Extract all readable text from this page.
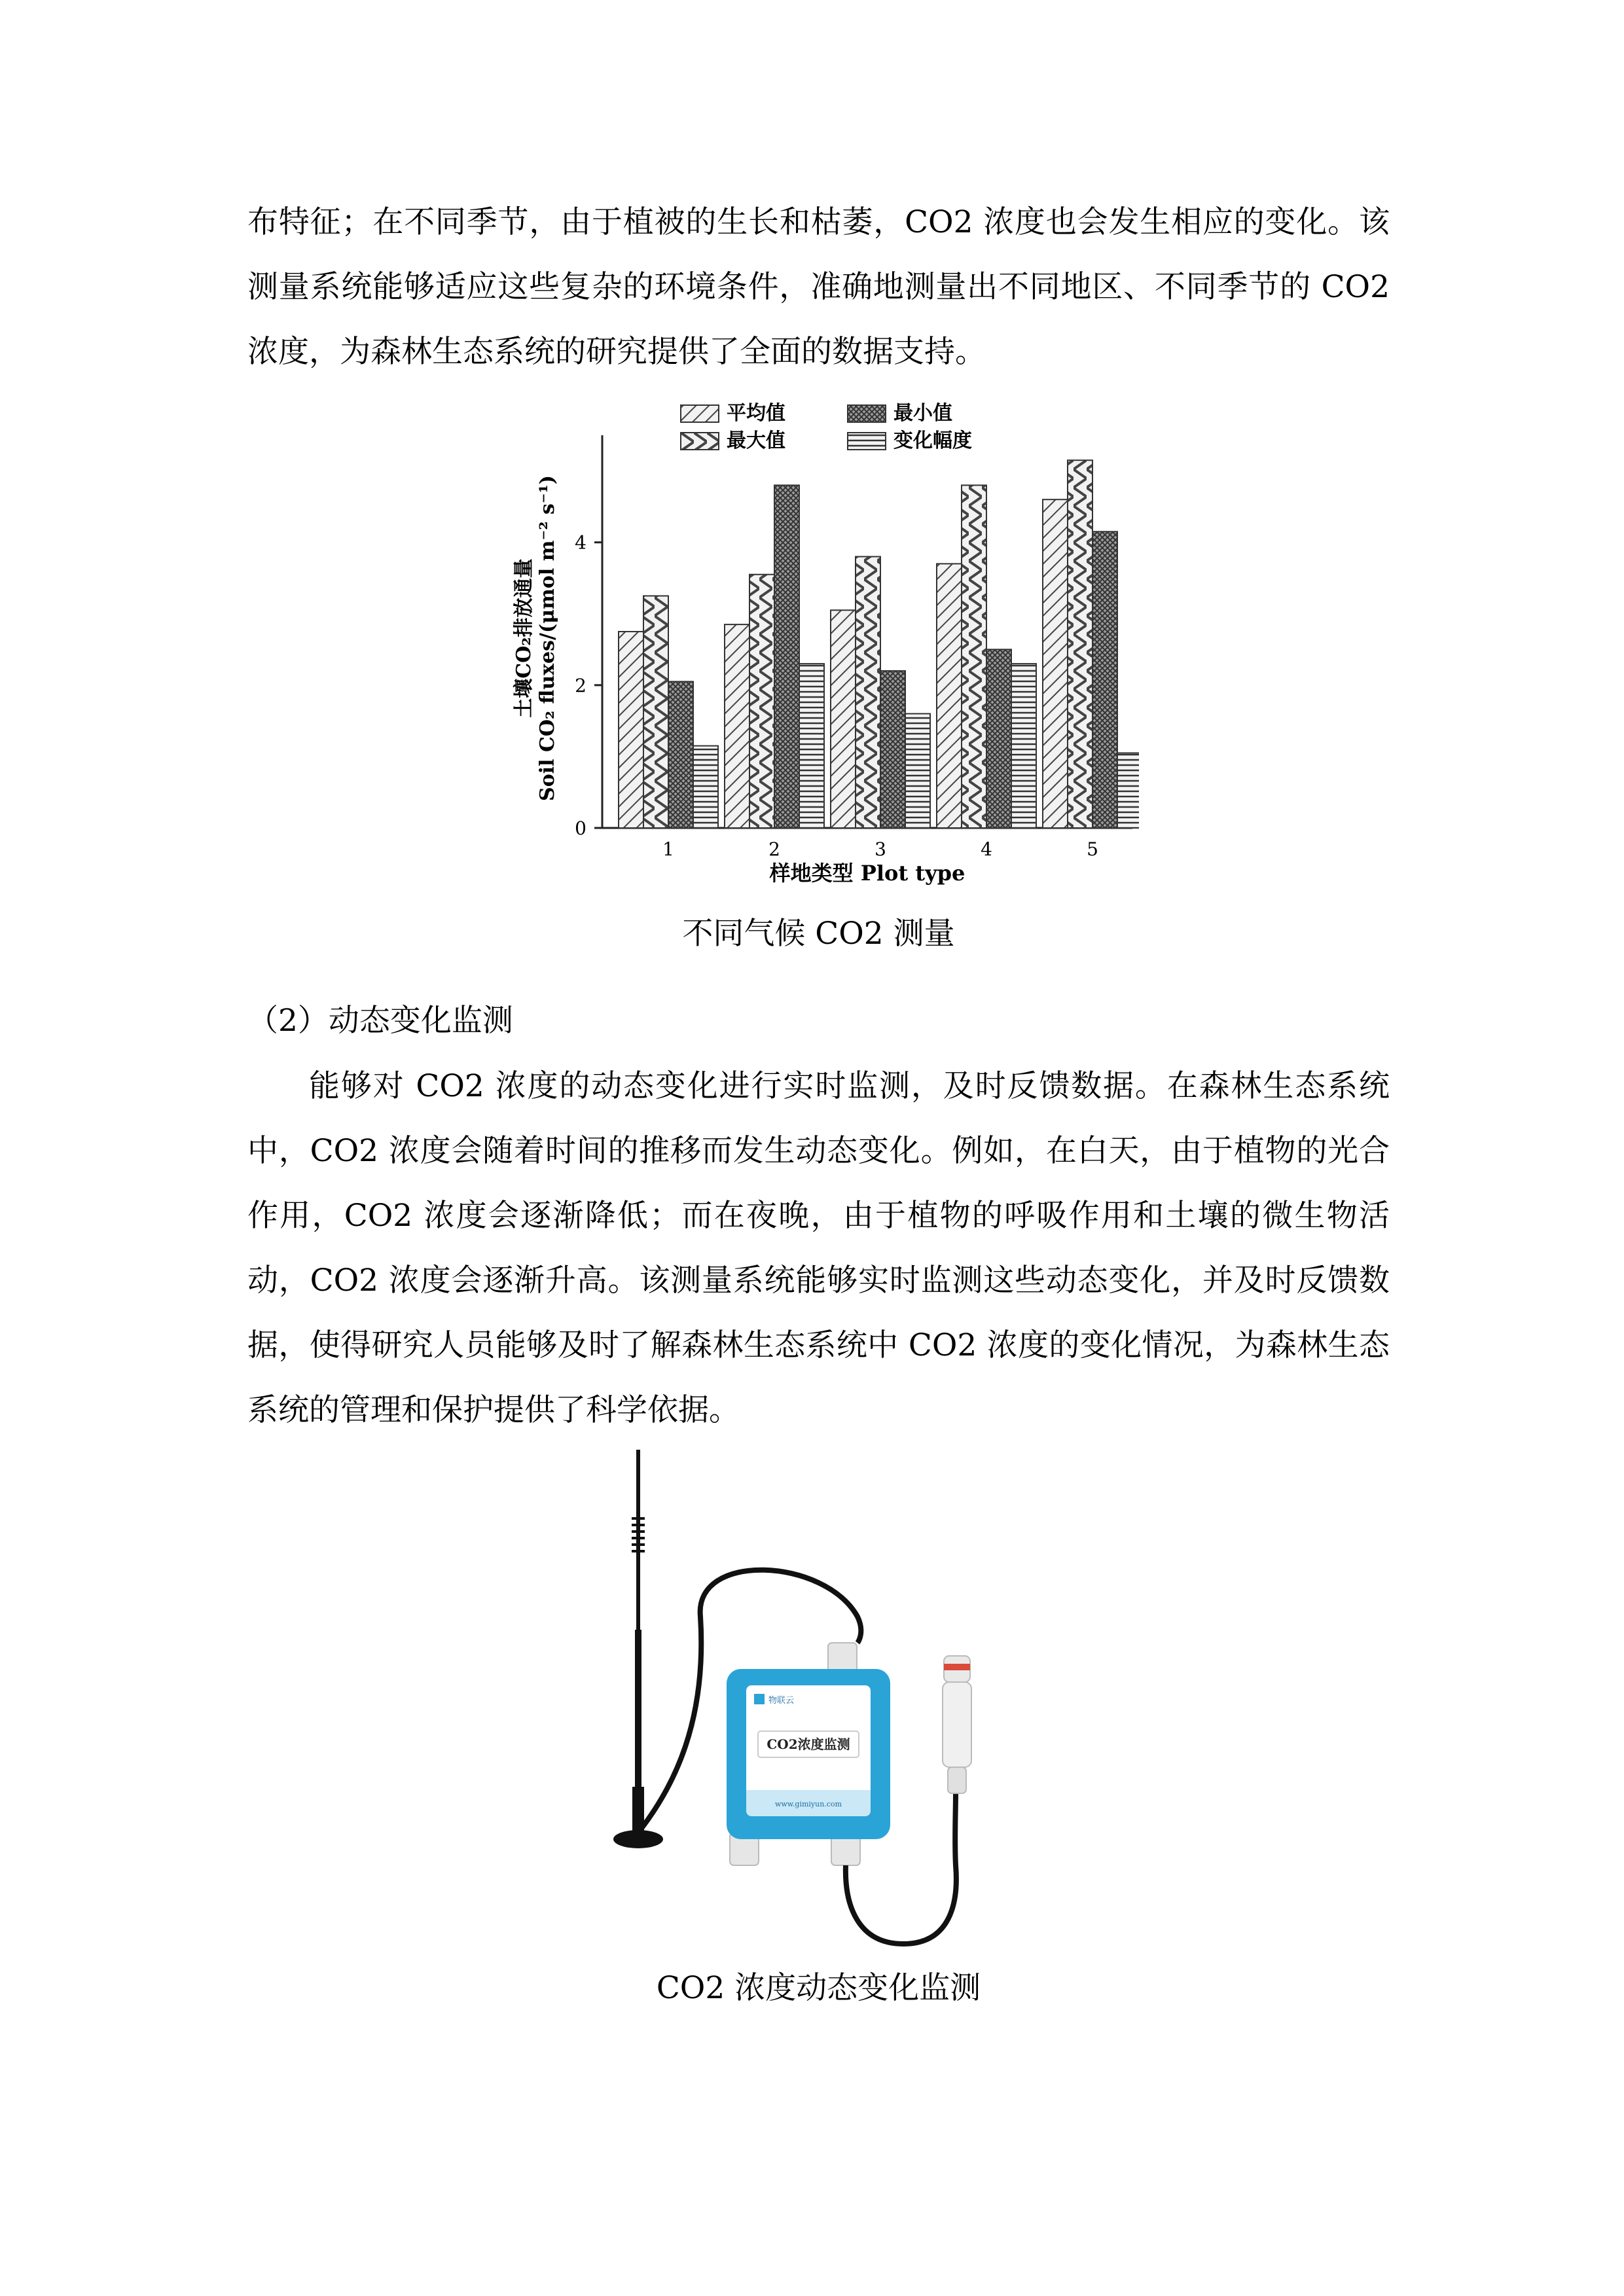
布特征；在不同季节，由于植被的生长和枯萎，CO2 浓度也会发生相应的变化。该测量系统能够适应这些复杂的环境条件，准确地测量出不同地区、不同季节的 CO2 浓度，为森林生态系统的研究提供了全面的数据支持。

平均值	最小值
最大值	变化幅度
0
2
4
1	2	3	4	5
样地类型 Plot type
土壤CO₂排放通量 Soil CO₂ fluxes/(μmol m⁻² s⁻¹)

不同气候 CO2 测量

（2）动态变化监测

能够对 CO2 浓度的动态变化进行实时监测，及时反馈数据。在森林生态系统中，CO2 浓度会随着时间的推移而发生动态变化。例如，在白天，由于植物的光合作用，CO2 浓度会逐渐降低；而在夜晚，由于植物的呼吸作用和土壤的微生物活动，CO2 浓度会逐渐升高。该测量系统能够实时监测这些动态变化，并及时反馈数据，使得研究人员能够及时了解森林生态系统中 CO2 浓度的变化情况，为森林生态系统的管理和保护提供了科学依据。

物联云
CO2浓度监测
www.gimiyun.com

CO2 浓度动态变化监测
